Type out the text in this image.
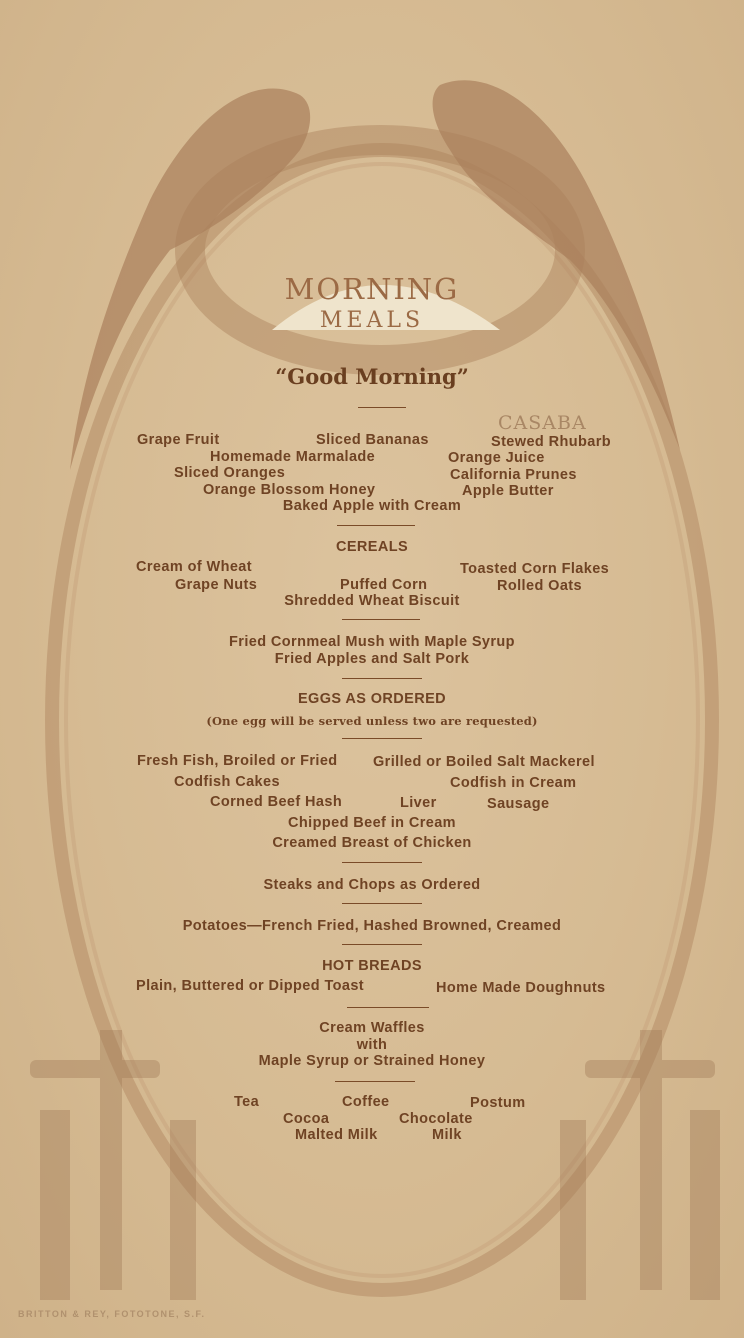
MORNING
MEALS
“Good Morning”
CASABA
Grape Fruit	Sliced Bananas	Stewed Rhubarb
Homemade Marmalade	Orange Juice
Sliced Oranges	California Prunes
Orange Blossom Honey	Apple Butter
Baked Apple with Cream
CEREALS
Cream of Wheat	Toasted Corn Flakes
Grape Nuts	Puffed Corn	Rolled Oats
Shredded Wheat Biscuit
Fried Cornmeal Mush with Maple Syrup
Fried Apples and Salt Pork
EGGS AS ORDERED
(One egg will be served unless two are requested)
Fresh Fish, Broiled or Fried Grilled or Boiled Salt Mackerel
Codfish Cakes	Codfish in Cream
Corned Beef Hash	Liver	Sausage
Chipped Beef in Cream
Creamed Breast of Chicken
Steaks and Chops as Ordered
Potatoes—French Fried, Hashed Browned, Creamed
HOT BREADS
Plain, Buttered or Dipped Toast	Home Made Doughnuts
Cream Waffles
with
Maple Syrup or Strained Honey
Tea	Coffee	Postum
Cocoa	Chocolate
Malted Milk	Milk
BRITTON & REY, FOTOTONE, S.F.
